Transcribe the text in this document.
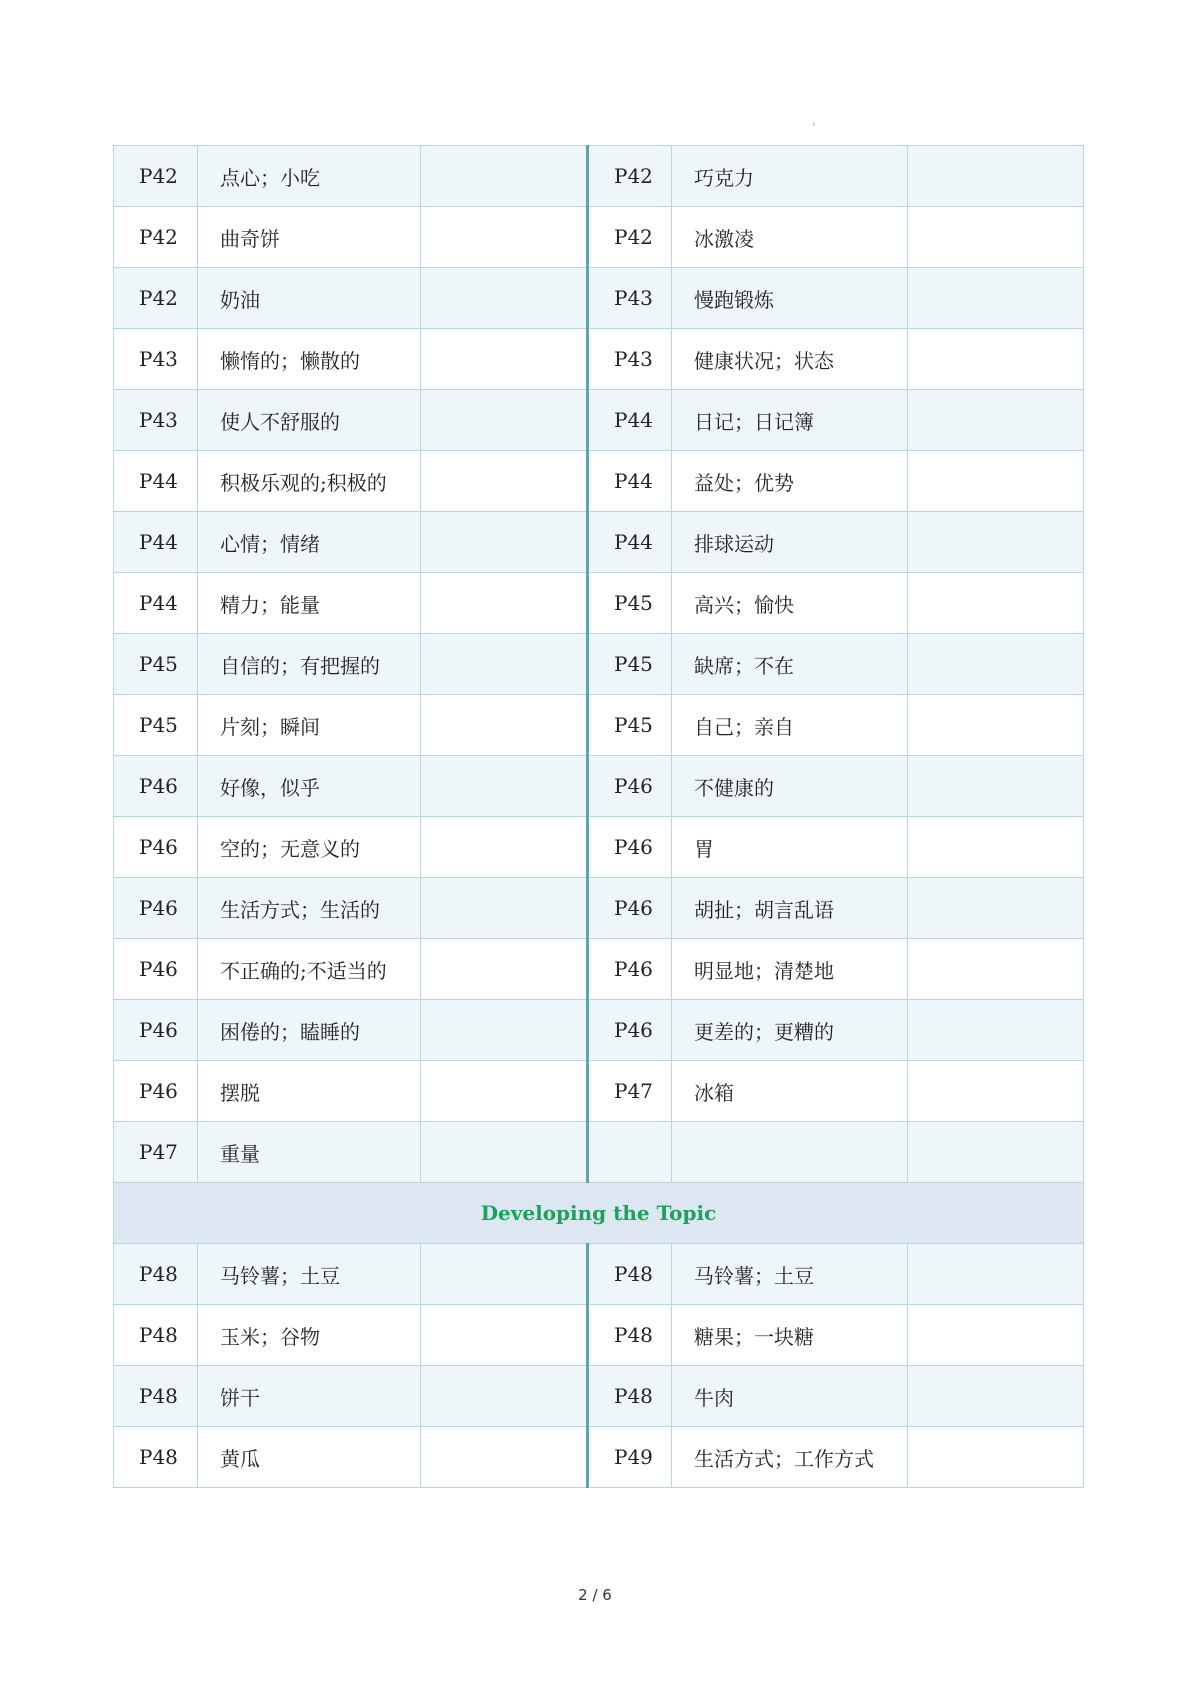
ı
P42	点心；小吃		P42	巧克力	
P42	曲奇饼		P42	冰激凌	
P42	奶油		P43	慢跑锻炼	
P43	懒惰的；懒散的		P43	健康状况；状态	
P43	使人不舒服的		P44	日记；日记簿	
P44	积极乐观的;积极的		P44	益处；优势	
P44	心情；情绪		P44	排球运动	
P44	精力；能量		P45	高兴；愉快	
P45	自信的；有把握的		P45	缺席；不在	
P45	片刻；瞬间		P45	自己；亲自	
P46	好像，似乎		P46	不健康的	
P46	空的；无意义的		P46	胃	
P46	生活方式；生活的		P46	胡扯；胡言乱语	
P46	不正确的;不适当的		P46	明显地；清楚地	
P46	困倦的；瞌睡的		P46	更差的；更糟的	
P46	摆脱		P47	冰箱	
P47	重量				
Developing the Topic					
P48	马铃薯；土豆		P48	马铃薯；土豆	
P48	玉米；谷物		P48	糖果；一块糖	
P48	饼干		P48	牛肉	
P48	黄瓜		P49	生活方式；工作方式	
2 / 6
